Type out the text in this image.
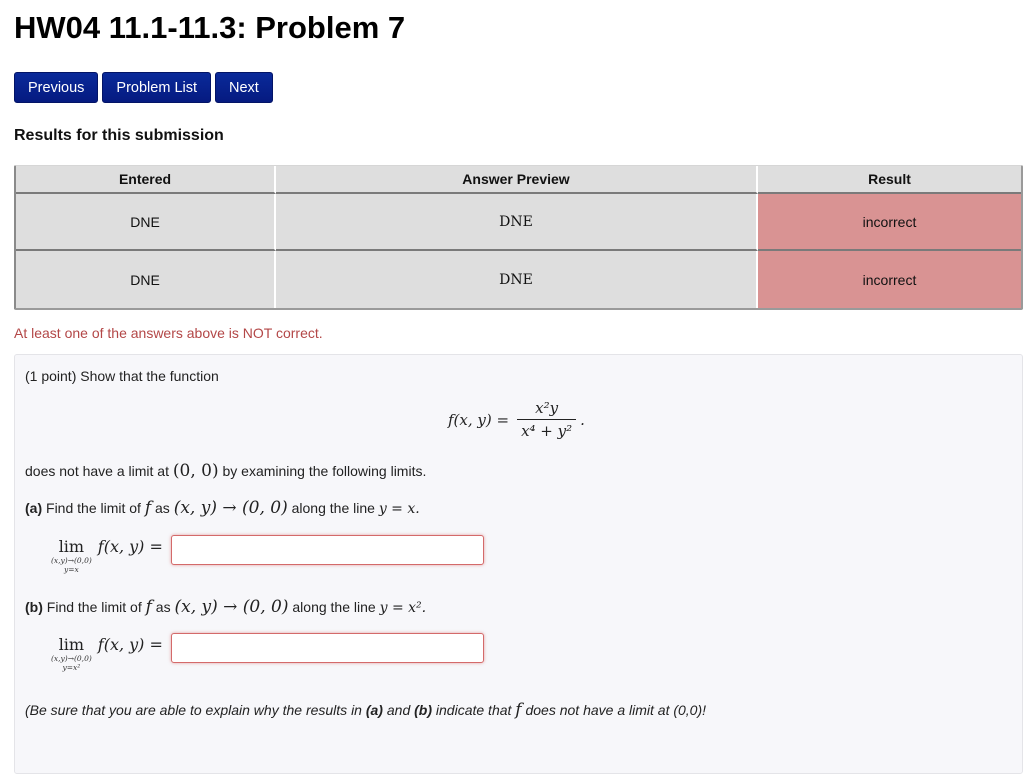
HW04 11.1-11.3: Problem 7
Previous	Problem List	Next
Results for this submission
Entered	Answer Preview	Result
DNE	DNE	incorrect
DNE	DNE	incorrect

At least one of the answers above is NOT correct.

(1 point) Show that the function
f(x, $y) = \frac{\text{x²y}}{\text{x⁴ + y²}}$ .
does not have a limit at (0, 0) by examining the following limits.
(a) Find the limit of f as (x, y) → (0, 0) along the line y = x.
lim
(x,y)→(0,0)
y=x
f(x, y) =
(b) Find the limit of f as (x, y) → (0, 0) along the line y = x².
lim
(x,y)→(0,0)
y=x²
f(x, y) =
(Be sure that you are able to explain why the results in (a) and (b) indicate that f does not have a limit at (0,0)!
